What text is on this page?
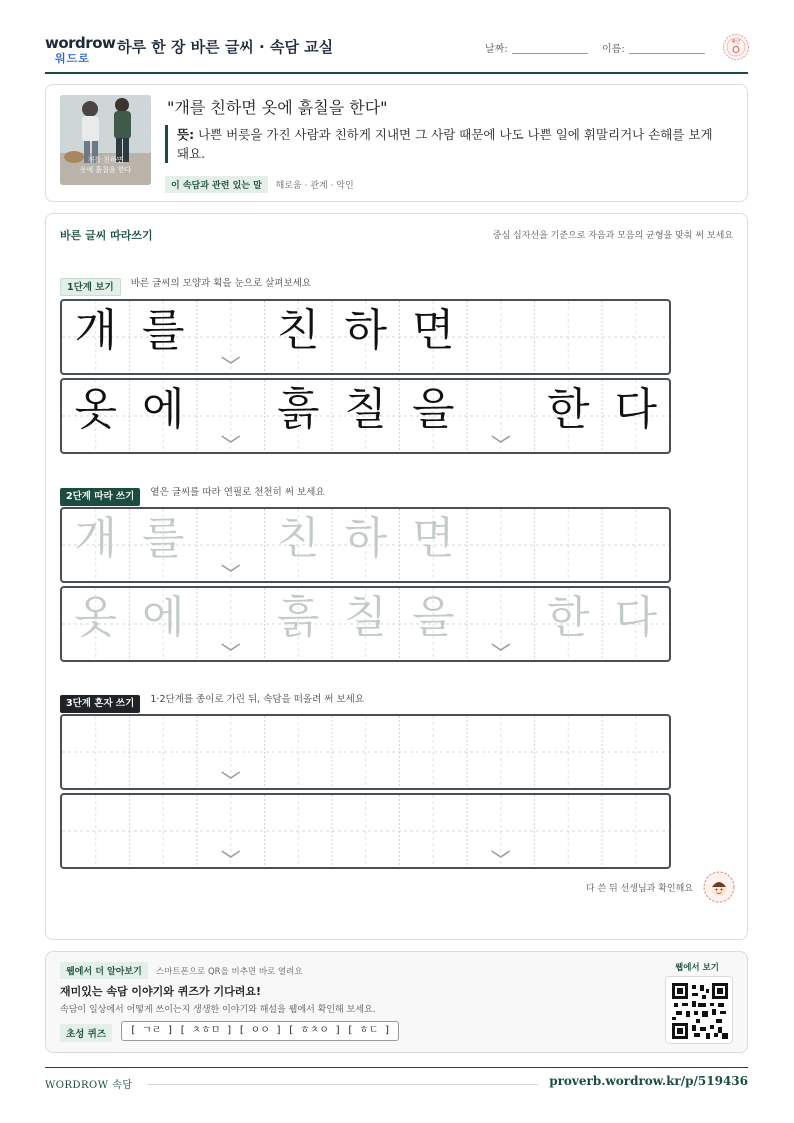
wordrow
워드로
하루 한 장 바른 글씨 · 속담 교실	날짜:	이름:
확인
개를 친하면
옷에 흙칠을 한다
"개를 친하면 옷에 흙칠을 한다"
뜻: 나쁜 버릇을 가진 사람과 친하게 지내면 그 사람 때문에 나도 나쁜 일에 휘말리거나 손해를 보게 돼요.
이 속담과 관련 있는 말 해로움 · 관계 · 악인
바른 글씨 따라쓰기	중심 십자선을 기준으로 자음과 모음의 균형을 맞춰 써 보세요
1단계 보기 바른 글씨의 모양과 획을 눈으로 살펴보세요
개 를 친 하 면
옷 에 흙 칠 을 한 다
2단계 따라 쓰기 옅은 글씨를 따라 연필로 천천히 써 보세요
개 를 친 하 면
옷 에 흙 칠 을 한 다
3단계 혼자 쓰기 1·2단계를 종이로 가린 뒤, 속담을 떠올려 써 보세요
다 쓴 뒤 선생님과 확인해요
웹에서 더 알아보기	스마트폰으로 QR을 비추면 바로 열려요
재미있는 속담 이야기와 퀴즈가 기다려요!
속담이 일상에서 어떻게 쓰이는지 생생한 이야기와 해설을 웹에서 확인해 보세요.
초성 퀴즈	[ ㄱㄹ ] [ ㅊㅎㅁ ] [ ㅇㅇ ] [ ㅎㅊㅇ ] [ ㅎㄷ ]
웹에서 보기
WORDROW 속담	proverb.wordrow.kr/p/519436
